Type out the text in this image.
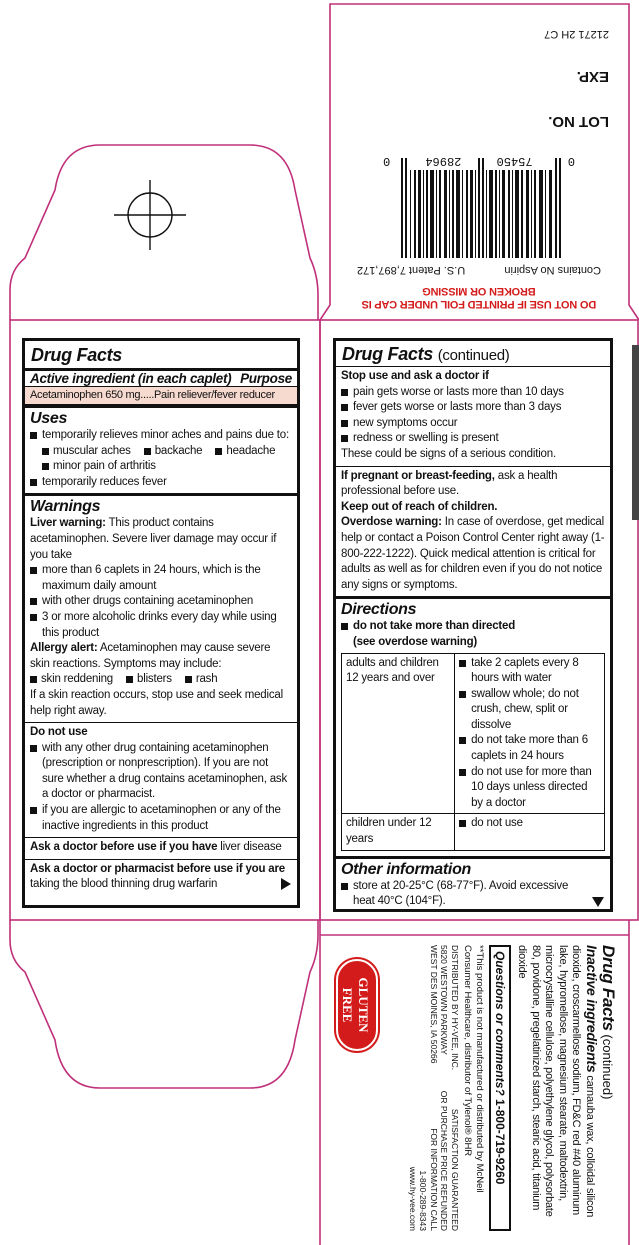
Drug Facts
Active ingredient (in each caplet) Purpose
Acetaminophen 650 mg.....Pain reliever/fever reducer
Uses
temporarily relieves minor aches and pains due to:
muscular aches backache headache
minor pain of arthritis
temporarily reduces fever
Warnings
Liver warning: This product contains acetaminophen. Severe liver damage may occur if you take
more than 6 caplets in 24 hours, which is the maximum daily amount
with other drugs containing acetaminophen
3 or more alcoholic drinks every day while using this product
Allergy alert: Acetaminophen may cause severe skin reactions. Symptoms may include:
skin reddening blisters rash
If a skin reaction occurs, stop use and seek medical help right away.
Do not use
with any other drug containing acetaminophen (prescription or nonprescription). If you are not sure whether a drug contains acetaminophen, ask a doctor or pharmacist.
if you are allergic to acetaminophen or any of the inactive ingredients in this product
Ask a doctor before use if you have liver disease
Ask a doctor or pharmacist before use if you are
taking the blood thinning drug warfarin
Drug Facts (continued)
Stop use and ask a doctor if
pain gets worse or lasts more than 10 days
fever gets worse or lasts more than 3 days
new symptoms occur
redness or swelling is present
These could be signs of a serious condition.
If pregnant or breast-feeding, ask a health professional before use.
Keep out of reach of children.
Overdose warning: In case of overdose, get medical help or contact a Poison Control Center right away (1-800-222-1222). Quick medical attention is critical for adults as well as for children even if you do not notice any signs or symptoms.
Directions
do not take more than directed
(see overdose warning)
adults and children 12 years and over	take 2 caplets every 8 hours with water
swallow whole; do not crush, chew, split or dissolve
do not take more than 6 caplets in 24 hours
do not use for more than 10 days unless directed by a doctor

children under 12 years	do not use
Other information
store at 20-25°C (68-77°F). Avoid excessive heat 40°C (104°F).
DO NOT USE IF PRINTED FOIL UNDER CAP IS
BROKEN OR MISSING
Contains No Aspirin
U.S. Patent 7,897,172
0
75450
28964
0
LOT NO.
EXP.
21271 2H C7
Drug Facts (continued)
Inactive ingredients carnauba wax, colloidal silicon dioxide, croscarmellose sodium, FD&C red #40 aluminum lake, hypromellose, magnesium stearate, maltodextrin, microcrystalline cellulose, polyethylene glycol, polysorbate 80, povidone, pregelatinized starch, stearic acid, titanium dioxide
Questions or comments? 1-800-719-9260
**This product is not manufactured or distributed by McNeil Consumer Healthcare, distributor of Tylenol® 8HR
DISTRIBUTED BY HY-VEE, INC.
5820 WESTOWN PARKWAY
WEST DES MOINES, IA 50266
SATISFACTION GUARANTEED
OR PURCHASE PRICE REFUNDED
FOR INFORMATION CALL
1-800-289-8343
www.hy-vee.com
GLUTEN
FREE
